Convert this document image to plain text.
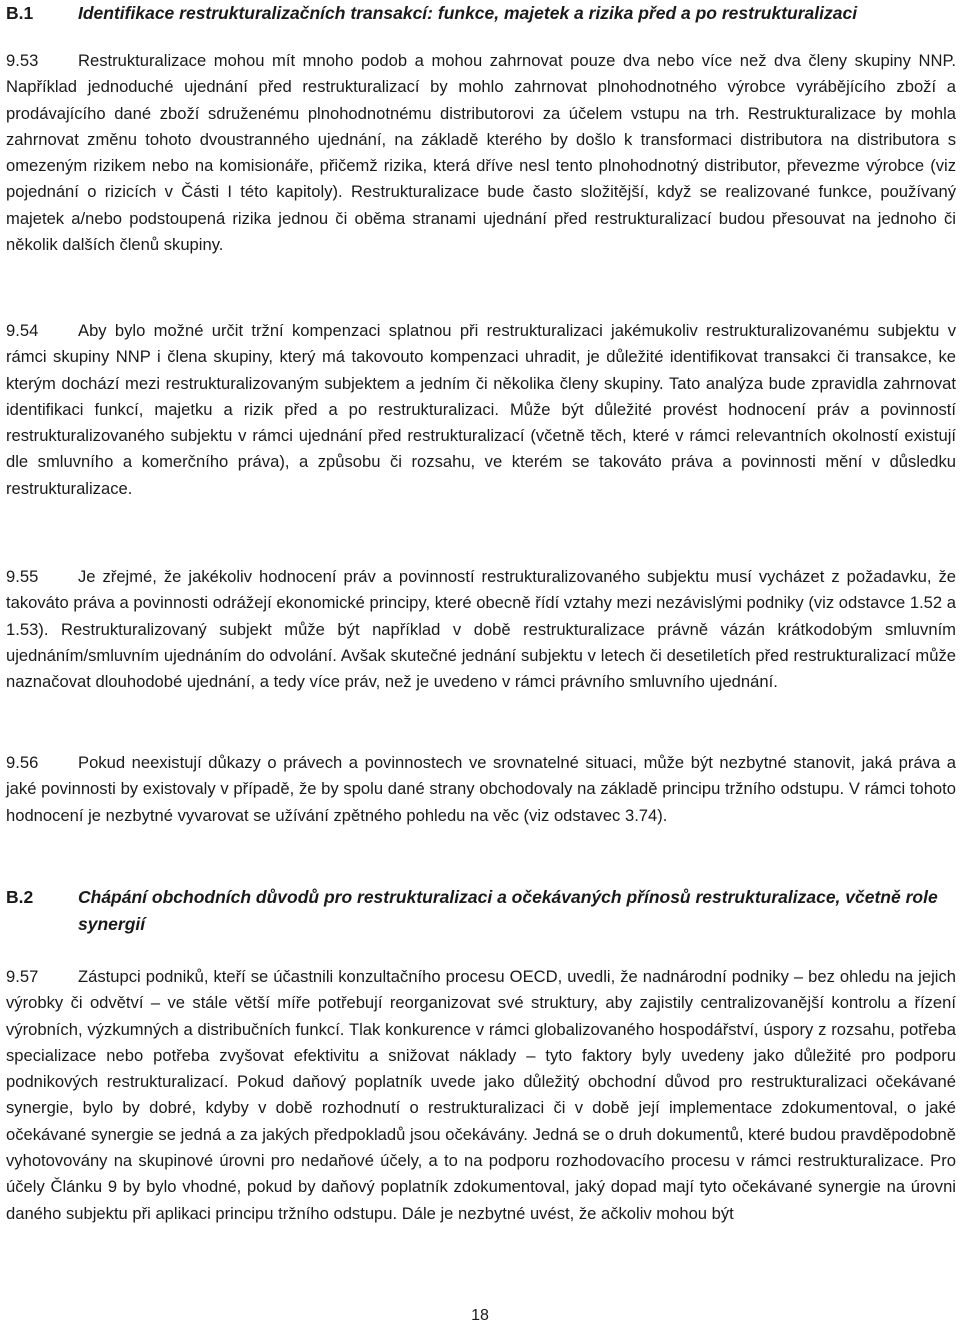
B.1	Identifikace restrukturalizačních transakcí: funkce, majetek a rizika před a po restrukturalizaci

9.53 Restrukturalizace mohou mít mnoho podob a mohou zahrnovat pouze dva nebo více než dva členy skupiny NNP. Například jednoduché ujednání před restrukturalizací by mohlo zahrnovat plnohodnotného výrobce vyrábějícího zboží a prodávajícího dané zboží sdruženému plnohodnotnému distributorovi za účelem vstupu na trh. Restrukturalizace by mohla zahrnovat změnu tohoto dvoustranného ujednání, na základě kterého by došlo k transformaci distributora na distributora s omezeným rizikem nebo na komisionáře, přičemž rizika, která dříve nesl tento plnohodnotný distributor, převezme výrobce (viz pojednání o rizicích v Části I této kapitoly). Restrukturalizace bude často složitější, když se realizované funkce, používaný majetek a/nebo podstoupená rizika jednou či oběma stranami ujednání před restrukturalizací budou přesouvat na jednoho či několik dalších členů skupiny.

9.54 Aby bylo možné určit tržní kompenzaci splatnou při restrukturalizaci jakémukoliv restrukturalizovanému subjektu v rámci skupiny NNP i člena skupiny, který má takovouto kompenzaci uhradit, je důležité identifikovat transakci či transakce, ke kterým dochází mezi restrukturalizovaným subjektem a jedním či několika členy skupiny. Tato analýza bude zpravidla zahrnovat identifikaci funkcí, majetku a rizik před a po restrukturalizaci. Může být důležité provést hodnocení práv a povinností restrukturalizovaného subjektu v rámci ujednání před restrukturalizací (včetně těch, které v rámci relevantních okolností existují dle smluvního a komerčního práva), a způsobu či rozsahu, ve kterém se takováto práva a povinnosti mění v důsledku restrukturalizace.

9.55 Je zřejmé, že jakékoliv hodnocení práv a povinností restrukturalizovaného subjektu musí vycházet z požadavku, že takováto práva a povinnosti odrážejí ekonomické principy, které obecně řídí vztahy mezi nezávislými podniky (viz odstavce 1.52 a 1.53). Restrukturalizovaný subjekt může být například v době restrukturalizace právně vázán krátkodobým smluvním ujednáním/smluvním ujednáním do odvolání. Avšak skutečné jednání subjektu v letech či desetiletích před restrukturalizací může naznačovat dlouhodobé ujednání, a tedy více práv, než je uvedeno v rámci právního smluvního ujednání.

9.56 Pokud neexistují důkazy o právech a povinnostech ve srovnatelné situaci, může být nezbytné stanovit, jaká práva a jaké povinnosti by existovaly v případě, že by spolu dané strany obchodovaly na základě principu tržního odstupu. V rámci tohoto hodnocení je nezbytné vyvarovat se užívání zpětného pohledu na věc (viz odstavec 3.74).

B.2	Chápání obchodních důvodů pro restrukturalizaci a očekávaných přínosů restrukturalizace, včetně role synergií

9.57 Zástupci podniků, kteří se účastnili konzultačního procesu OECD, uvedli, že nadnárodní podniky – bez ohledu na jejich výrobky či odvětví – ve stále větší míře potřebují reorganizovat své struktury, aby zajistily centralizovanější kontrolu a řízení výrobních, výzkumných a distribučních funkcí. Tlak konkurence v rámci globalizovaného hospodářství, úspory z rozsahu, potřeba specializace nebo potřeba zvyšovat efektivitu a snižovat náklady – tyto faktory byly uvedeny jako důležité pro podporu podnikových restrukturalizací. Pokud daňový poplatník uvede jako důležitý obchodní důvod pro restrukturalizaci očekávané synergie, bylo by dobré, kdyby v době rozhodnutí o restrukturalizaci či v době její implementace zdokumentoval, o jaké očekávané synergie se jedná a za jakých předpokladů jsou očekávány. Jedná se o druh dokumentů, které budou pravděpodobně vyhotovovány na skupinové úrovni pro nedaňové účely, a to na podporu rozhodovacího procesu v rámci restrukturalizace. Pro účely Článku 9 by bylo vhodné, pokud by daňový poplatník zdokumentoval, jaký dopad mají tyto očekávané synergie na úrovni daného subjektu při aplikaci principu tržního odstupu. Dále je nezbytné uvést, že ačkoliv mohou být

18
